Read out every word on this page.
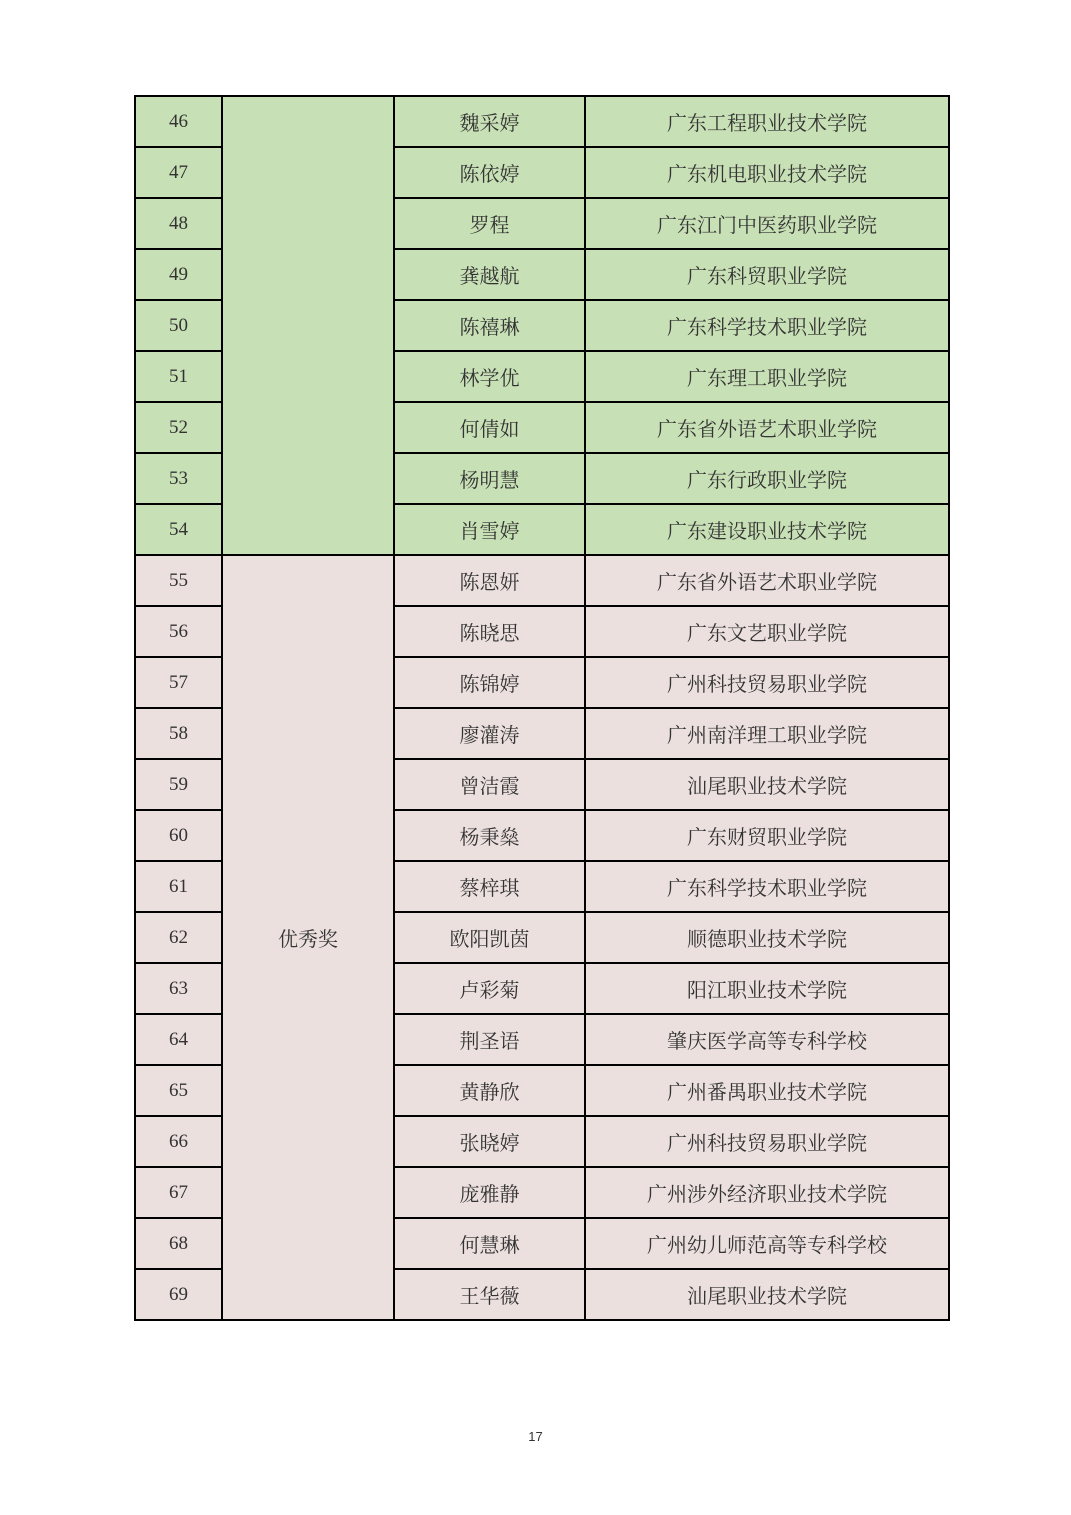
46		魏采婷	广东工程职业技术学院
47		陈依婷	广东机电职业技术学院
48		罗程	广东江门中医药职业学院
49		龚越航	广东科贸职业学院
50		陈禧琳	广东科学技术职业学院
51		林学优	广东理工职业学院
52		何倩如	广东省外语艺术职业学院
53		杨明慧	广东行政职业学院
54		肖雪婷	广东建设职业技术学院
55	优秀奖	陈恩妍	广东省外语艺术职业学院
56		陈晓思	广东文艺职业学院
57		陈锦婷	广州科技贸易职业学院
58		廖灌涛	广州南洋理工职业学院
59		曾洁霞	汕尾职业技术学院
60		杨秉燊	广东财贸职业学院
61		蔡梓琪	广东科学技术职业学院
62		欧阳凯茵	顺德职业技术学院
63		卢彩菊	阳江职业技术学院
64		荆圣语	肇庆医学高等专科学校
65		黄静欣	广州番禺职业技术学院
66		张晓婷	广州科技贸易职业学院
67		庞雅静	广州涉外经济职业技术学院
68		何慧琳	广州幼儿师范高等专科学校
69		王华薇	汕尾职业技术学院
17
